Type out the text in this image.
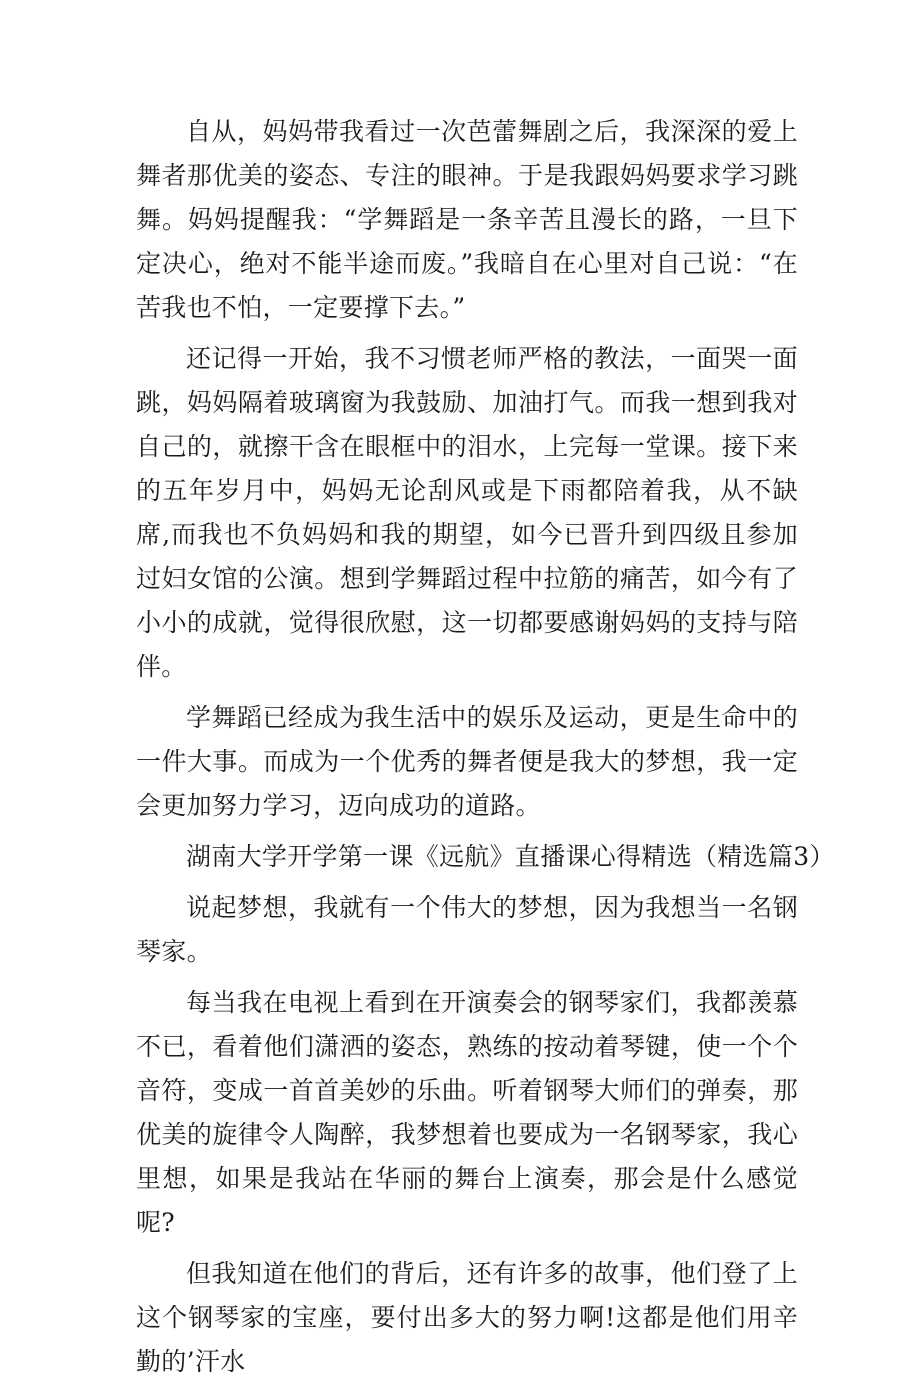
自从，妈妈带我看过一次芭蕾舞剧之后，我深深的爱上舞者那优美的姿态、专注的眼神。于是我跟妈妈要求学习跳舞。妈妈提醒我：“学舞蹈是一条辛苦且漫长的路，一旦下定决心，绝对不能半途而废。”我暗自在心里对自己说：“在苦我也不怕，一定要撑下去。”

还记得一开始，我不习惯老师严格的教法，一面哭一面跳，妈妈隔着玻璃窗为我鼓励、加油打气。而我一想到我对自己的，就擦干含在眼框中的泪水，上完每一堂课。接下来的五年岁月中，妈妈无论刮风或是下雨都陪着我，从不缺席,而我也不负妈妈和我的期望，如今已晋升到四级且参加过妇女馆的公演。想到学舞蹈过程中拉筋的痛苦，如今有了小小的成就，觉得很欣慰，这一切都要感谢妈妈的支持与陪伴。

学舞蹈已经成为我生活中的娱乐及运动，更是生命中的一件大事。而成为一个优秀的舞者便是我大的梦想，我一定会更加努力学习，迈向成功的道路。

湖南大学开学第一课《远航》直播课心得精选（精选篇3）

说起梦想，我就有一个伟大的梦想，因为我想当一名钢琴家。

每当我在电视上看到在开演奏会的钢琴家们，我都羡慕不已，看着他们潇洒的姿态，熟练的按动着琴键，使一个个音符，变成一首首美妙的乐曲。听着钢琴大师们的弹奏，那优美的旋律令人陶醉，我梦想着也要成为一名钢琴家，我心里想，如果是我站在华丽的舞台上演奏，那会是什么感觉呢?

但我知道在他们的背后，还有许多的故事，他们登了上这个钢琴家的宝座，要付出多大的努力啊!这都是他们用辛勤的’汗水
